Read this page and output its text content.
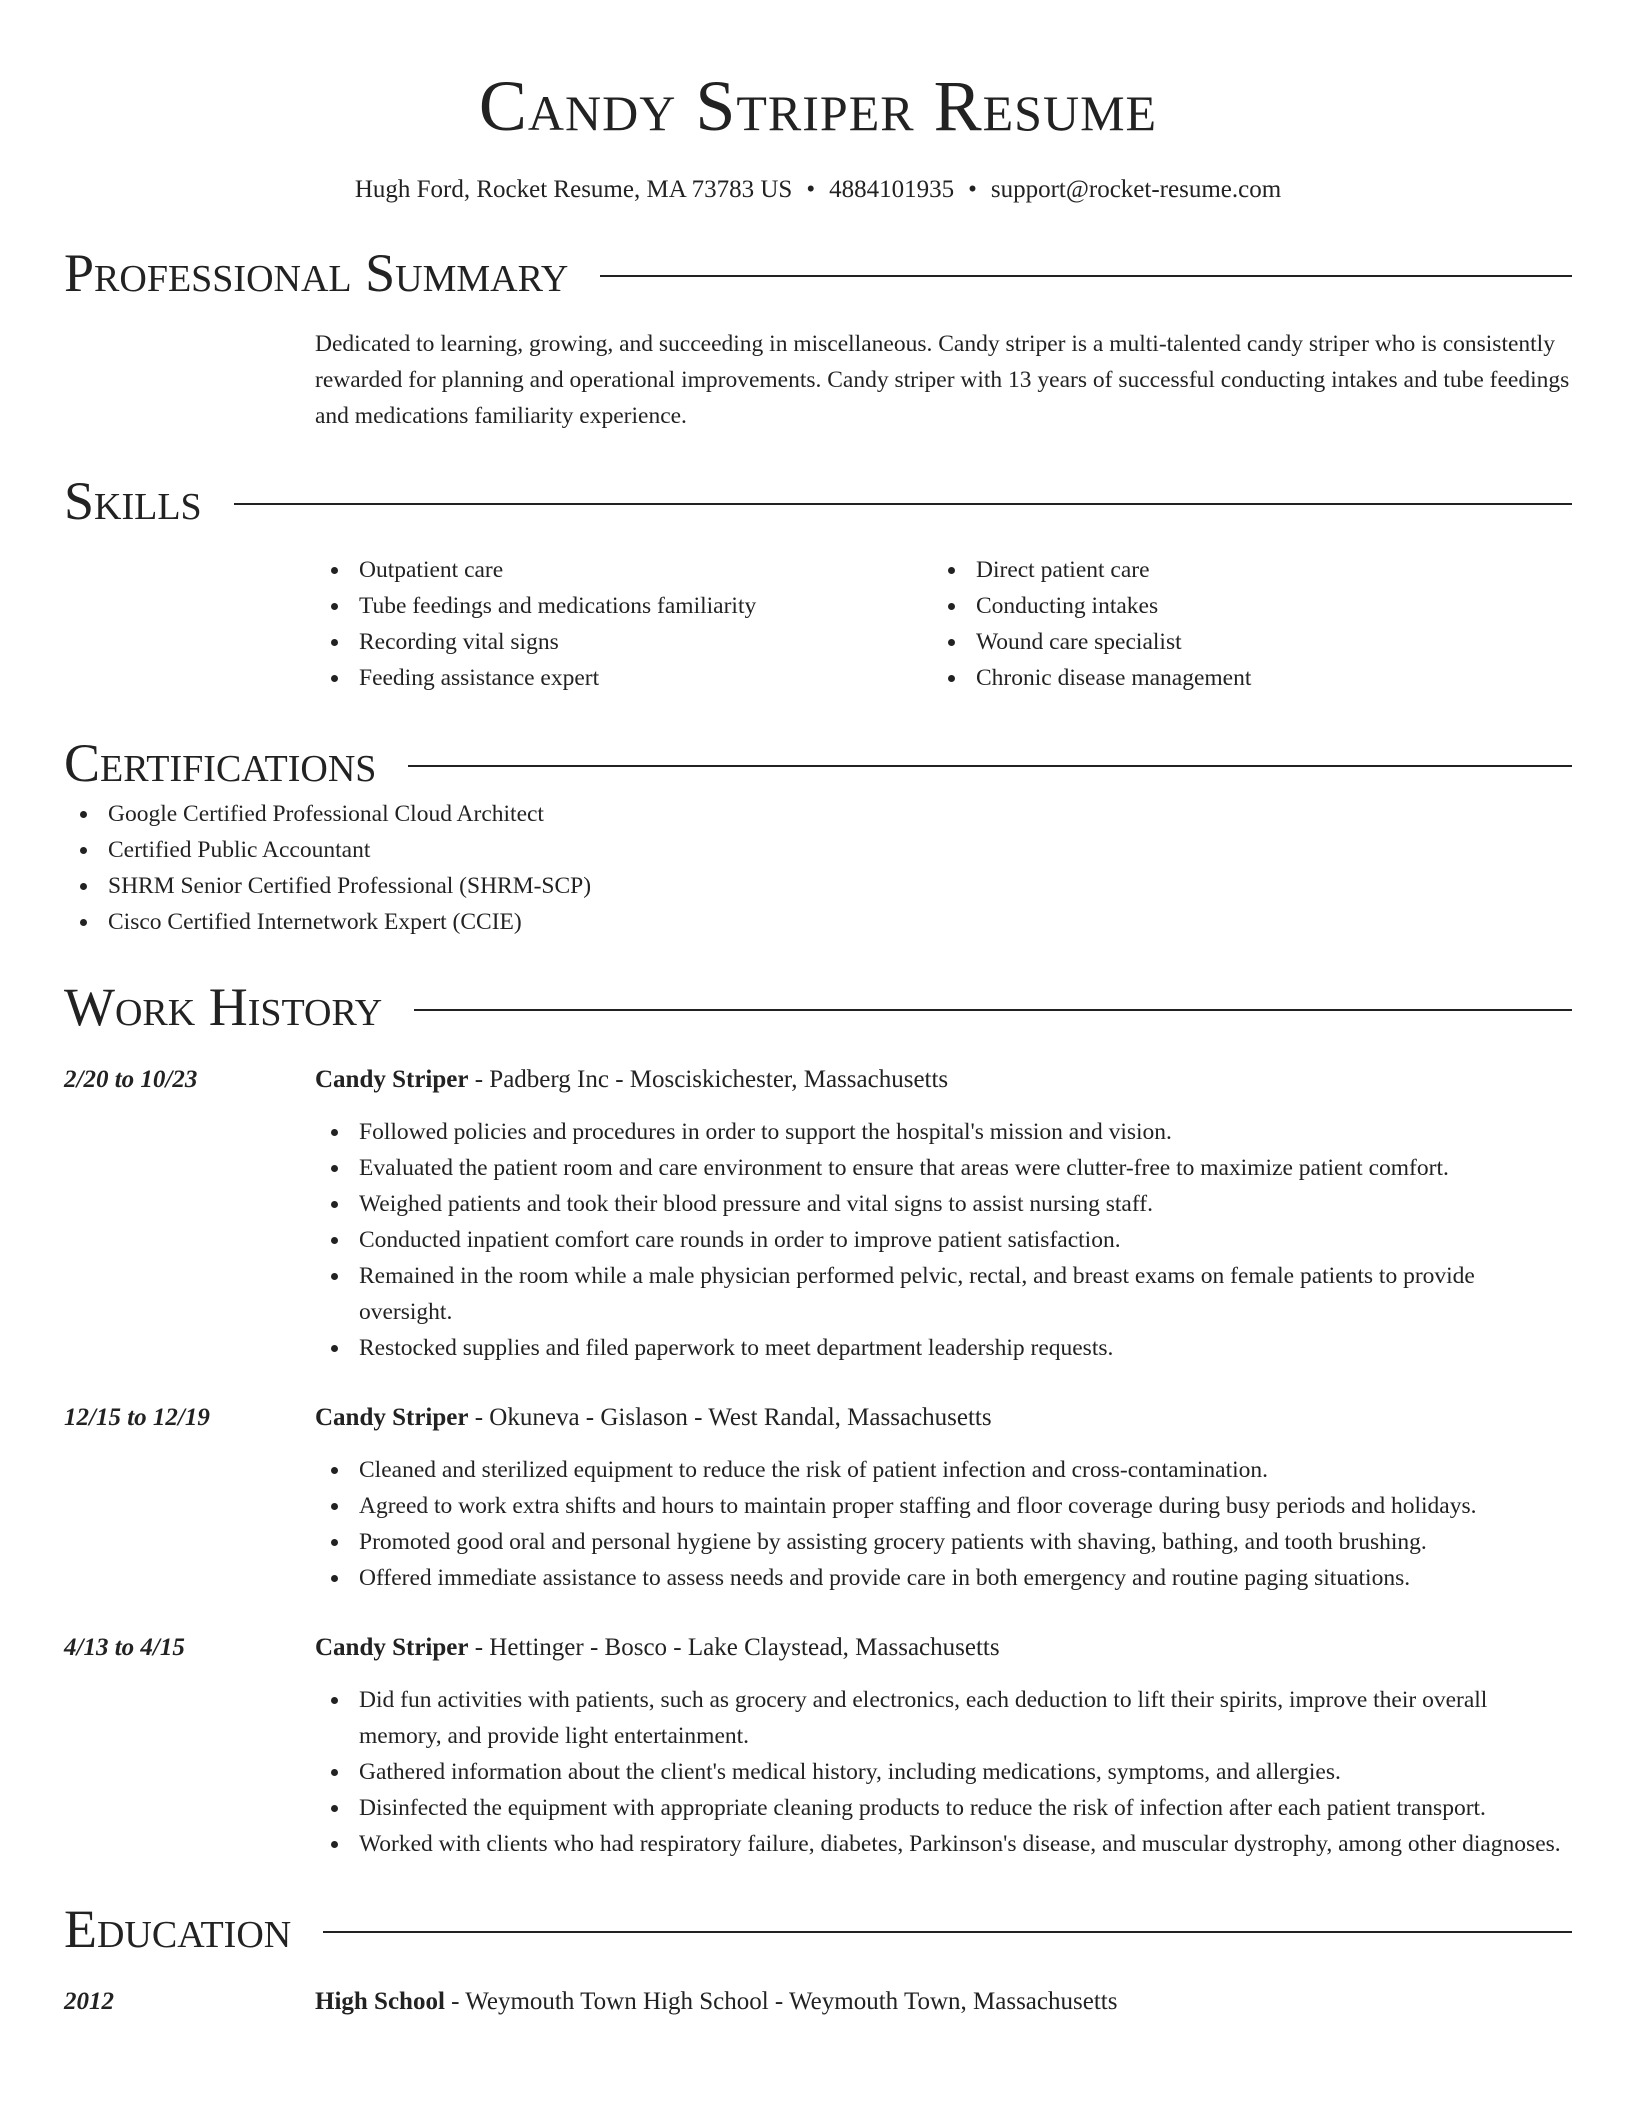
Candy Striper Resume
Hugh Ford, Rocket Resume, MA 73783 US • 4884101935 • support@rocket-resume.com
Professional Summary
Dedicated to learning, growing, and succeeding in miscellaneous. Candy striper is a multi-talented candy striper who is consistently rewarded for planning and operational improvements. Candy striper with 13 years of successful conducting intakes and tube feedings and medications familiarity experience.
Skills
Outpatient care
Tube feedings and medications familiarity
Recording vital signs
Feeding assistance expert
Direct patient care
Conducting intakes
Wound care specialist
Chronic disease management
Certifications
Google Certified Professional Cloud Architect
Certified Public Accountant
SHRM Senior Certified Professional (SHRM-SCP)
Cisco Certified Internetwork Expert (CCIE)
Work History
2/20 to 10/23	Candy Striper - Padberg Inc - Mosciskichester, Massachusetts
Followed policies and procedures in order to support the hospital's mission and vision.
Evaluated the patient room and care environment to ensure that areas were clutter-free to maximize patient comfort.
Weighed patients and took their blood pressure and vital signs to assist nursing staff.
Conducted inpatient comfort care rounds in order to improve patient satisfaction.
Remained in the room while a male physician performed pelvic, rectal, and breast exams on female patients to provide oversight.
Restocked supplies and filed paperwork to meet department leadership requests.
12/15 to 12/19	Candy Striper - Okuneva - Gislason - West Randal, Massachusetts
Cleaned and sterilized equipment to reduce the risk of patient infection and cross-contamination.
Agreed to work extra shifts and hours to maintain proper staffing and floor coverage during busy periods and holidays.
Promoted good oral and personal hygiene by assisting grocery patients with shaving, bathing, and tooth brushing.
Offered immediate assistance to assess needs and provide care in both emergency and routine paging situations.
4/13 to 4/15	Candy Striper - Hettinger - Bosco - Lake Claystead, Massachusetts
Did fun activities with patients, such as grocery and electronics, each deduction to lift their spirits, improve their overall memory, and provide light entertainment.
Gathered information about the client's medical history, including medications, symptoms, and allergies.
Disinfected the equipment with appropriate cleaning products to reduce the risk of infection after each patient transport.
Worked with clients who had respiratory failure, diabetes, Parkinson's disease, and muscular dystrophy, among other diagnoses.
Education
2012	High School - Weymouth Town High School - Weymouth Town, Massachusetts
